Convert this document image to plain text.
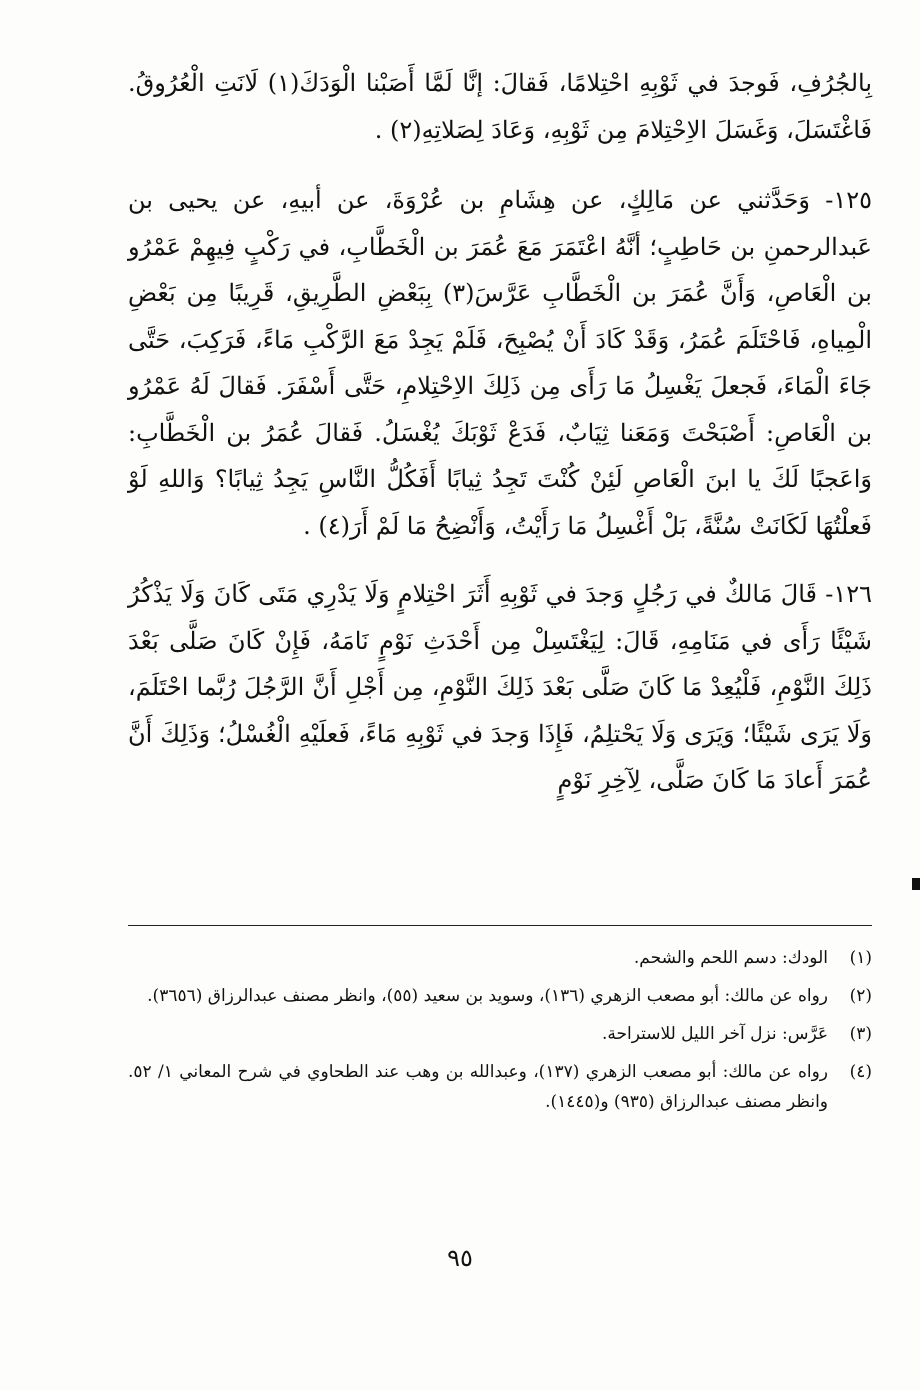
بِالجُرُفِ، فَوجدَ في ثَوْبِهِ احْتِلامًا، فَقالَ: إنَّا لَمَّا أَصَبْنا الْوَدَكَ(١) لَانَتِ الْعُرُوقُ. فَاغْتَسَلَ، وَغَسَلَ الاِحْتِلامَ مِن ثَوْبِهِ، وَعَادَ لِصَلاتِهِ(٢) .

١٢٥- وَحَدَّثني عن مَالِكٍ، عن هِشَامِ بن عُرْوَةَ، عن أبيهِ، عن يحيى بن عَبدالرحمنِ بن حَاطِبٍ؛ أنَّهُ اعْتَمَرَ مَعَ عُمَرَ بن الْخَطَّابِ، في رَكْبٍ فِيهِمْ عَمْرُو بن الْعَاصِ، وَأَنَّ عُمَرَ بن الْخَطَّابِ عَرَّسَ(٣) بِبَعْضِ الطَّرِيقِ، قَرِيبًا مِن بَعْضِ الْمِياهِ، فَاحْتَلَمَ عُمَرُ، وَقَدْ كَادَ أَنْ يُصْبِحَ، فَلَمْ يَجِدْ مَعَ الرَّكْبِ مَاءً، فَرَكِبَ، حَتَّى جَاءَ الْمَاءَ، فَجعلَ يَغْسِلُ مَا رَأَى مِن ذَلِكَ الاِحْتِلامِ، حَتَّى أَسْفَرَ. فَقالَ لَهُ عَمْرُو بن الْعَاصِ: أَصْبَحْتَ وَمَعَنا ثِيَابٌ، فَدَعْ ثَوْبَكَ يُغْسَلُ. فَقالَ عُمَرُ بن الْخَطَّابِ: وَاعَجبًا لَكَ يا ابنَ الْعَاصِ لَئِنْ كُنْتَ تَجِدُ ثِيابًا أَفَكُلُّ النَّاسِ يَجِدُ ثِيابًا؟ وَاللهِ لَوْ فَعلْتُهَا لَكَانَتْ سُنَّةً، بَلْ أَغْسِلُ مَا رَأَيْتُ، وَأَنْضِحُ مَا لَمْ أَرَ(٤) .

١٢٦- قَالَ مَالكٌ في رَجُلٍ وَجدَ في ثَوْبِهِ أَثَرَ احْتِلامٍ وَلَا يَدْرِي مَتَى كَانَ وَلَا يَذْكُرُ شَيْئًا رَأَى في مَنَامِهِ، قَالَ: لِيَغْتَسِلْ مِن أَحْدَثِ نَوْمٍ نَامَهُ، فَإِنْ كَانَ صَلَّى بَعْدَ ذَلِكَ النَّوْمِ، فَلْيُعِدْ مَا كَانَ صَلَّى بَعْدَ ذَلِكَ النَّوْمِ، مِن أَجْلِ أَنَّ الرَّجُلَ رُبَّما احْتَلَمَ، وَلَا يَرَى شَيْئًا؛ وَيَرَى وَلَا يَحْتلِمُ، فَإِذَا وَجدَ في ثَوْبِهِ مَاءً، فَعلَيْهِ الْغُسْلُ؛ وَذَلِكَ أَنَّ عُمَرَ أَعادَ مَا كَانَ صَلَّى، لِآخِرِ نَوْمٍ

(١)
الودك: دسم اللحم والشحم.
(٢)
رواه عن مالك: أبو مصعب الزهري (١٣٦)، وسويد بن سعيد (٥٥)، وانظر مصنف عبدالرزاق (٣٦٥٦).
(٣)
عَرَّس: نزل آخر الليل للاستراحة.
(٤)
رواه عن مالك: أبو مصعب الزهري (١٣٧)، وعبدالله بن وهب عند الطحاوي في شرح المعاني ١/ ٥٢. وانظر مصنف عبدالرزاق (٩٣٥) و(١٤٤٥).
٩٥
